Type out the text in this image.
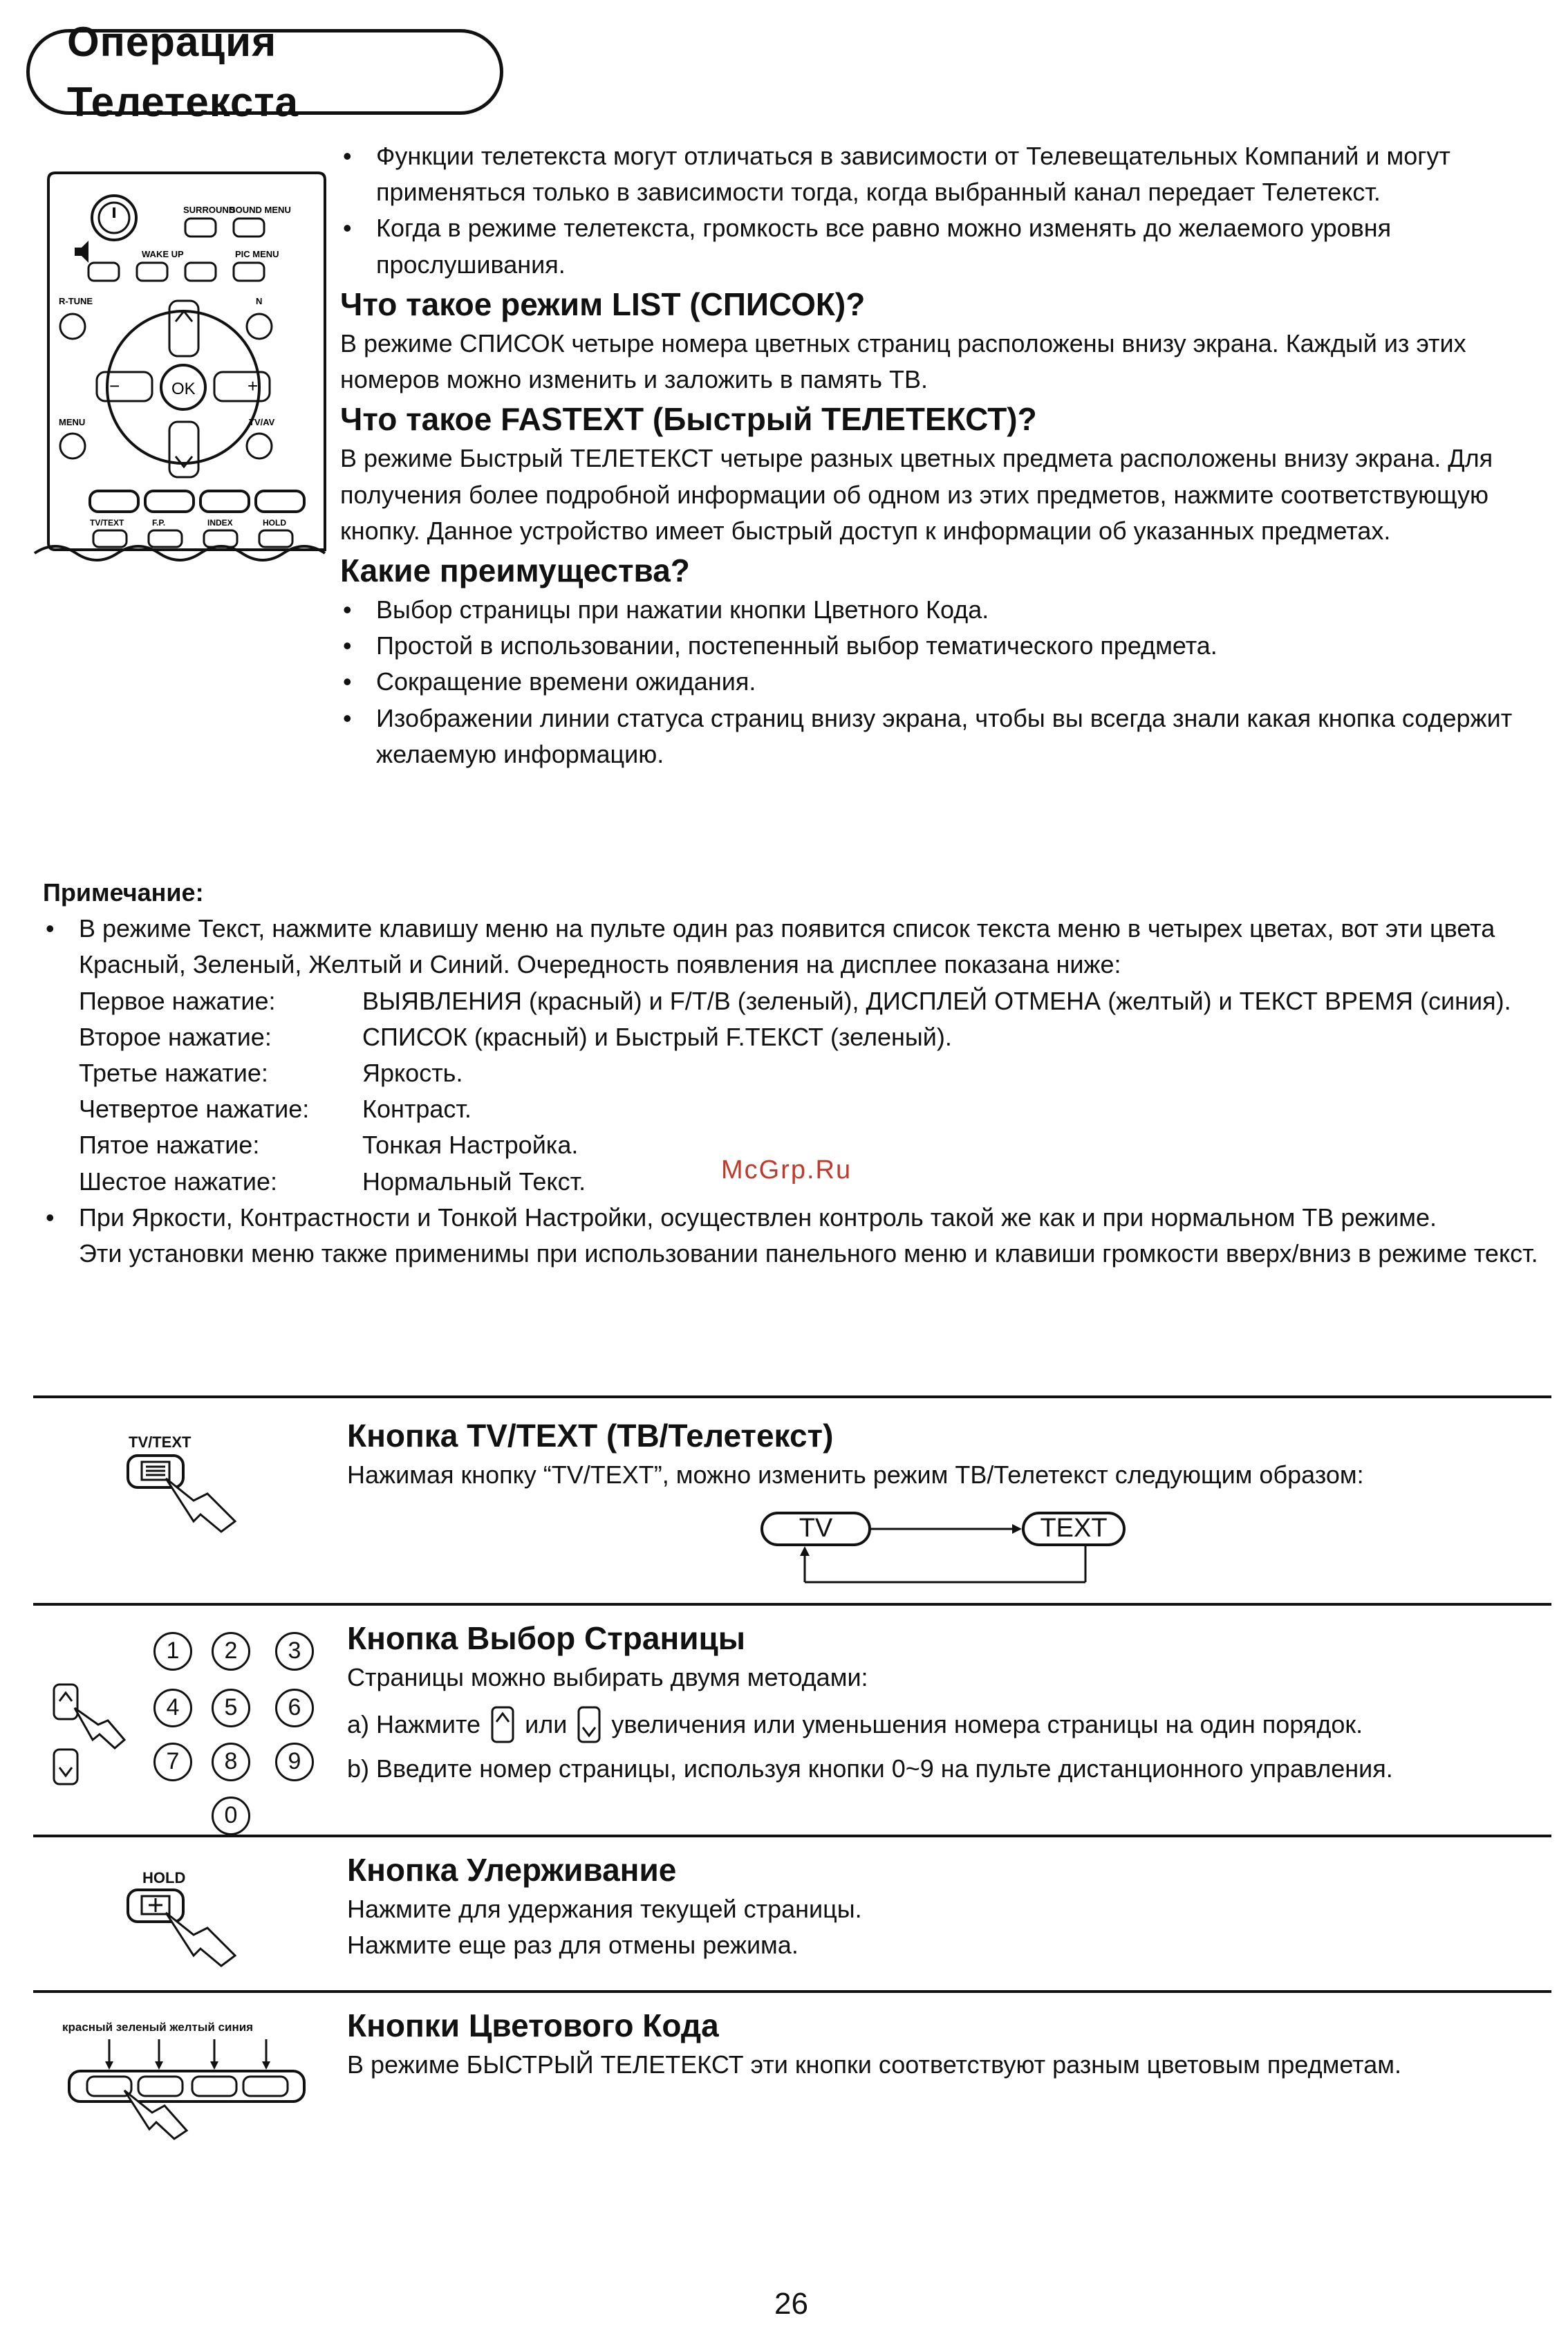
Операция Телетекста
SURROUND
SOUND MENU
WAKE UP	PIC MENU
R-TUNE	N
−	+
OK
MENU	TV/AV
TV/TEXT	F.P.	INDEX	HOLD
• Функции телетекста могут отличаться в зависимости от Телевещательных Компаний и могут применяться только в зависимости тогда, когда выбранный канал передает Телетекст.
• Когда в режиме телетекста, громкость все равно можно изменять до желаемого уровня прослушивания.
Что такое режим LIST (СПИСОК)?

В режиме СПИСОК четыре номера цветных страниц расположены внизу экрана. Каждый из этих номеров можно изменить и заложить в память ТВ.

Что такое FASTEXT (Быстрый ТЕЛЕТЕКСТ)?

В режиме Быстрый ТЕЛЕТЕКСТ четыре разных цветных предмета расположены внизу экрана. Для получения более подробной информации об одном из этих предметов, нажмите соответствующую кнопку. Данное устройство имеет быстрый доступ к информации об указанных предметах.

Какие преимущества?
• Выбор страницы при нажатии кнопки Цветного Кода.
• Простой в использовании, постепенный выбор тематического предмета.
• Сокращение времени ожидания.
• Изображении линии статуса страниц внизу экрана, чтобы вы всегда знали какая кнопка содержит желаемую информацию.
Примечание:
• В режиме Текст, нажмите клавишу меню на пульте один раз появится список текста меню в четырех цветах, вот эти цвета Красный, Зеленый, Желтый и Синий. Очередность появления на дисплее показана ниже:
Первое нажатие:	ВЫЯВЛЕНИЯ (красный) и F/T/B (зеленый), ДИСПЛЕЙ ОТМЕНА (желтый) и ТЕКСТ ВРЕМЯ (синия).
Второе нажатие:	СПИСОК (красный) и Быстрый F.ТЕКСТ (зеленый).
Третье нажатие:	Яркость.
Четвертое нажатие:	Контраст.
Пятое нажатие:	Тонкая Настройка.
Шестое нажатие:	Нормальный Текст.
• При Яркости, Контрастности и Тонкой Настройки, осуществлен контроль такой же как и при нормальном ТВ режиме.

Эти установки меню также применимы при использовании панельного меню и клавиши громкости вверх/вниз в режиме текст.

McGrp.Ru
TV/TEXT	Кнопка TV/TEXT (ТВ/Телетекст)

Нажимая кнопку “TV/TEXT”, можно изменить режим ТВ/Телетекст следующим образом:

TV	TEXT
1	2	3
4	5	6
7	8	9
0
Кнопка Выбор Страницы

Страницы можно выбирать двумя методами:

a) Нажмите или увеличения или уменьшения номера страницы на один порядок.

b) Введите номер страницы, используя кнопки 0~9 на пульте дистанционного управления.

HOLD	Кнопка Улерживание

Нажмите для удержания текущей страницы.

Нажмите еще раз для отмены режима.

красный зеленый желтый синия	Кнопки Цветового Кода

В режиме БЫСТРЫЙ ТЕЛЕТЕКСТ эти кнопки соответствуют разным цветовым предметам.

26
